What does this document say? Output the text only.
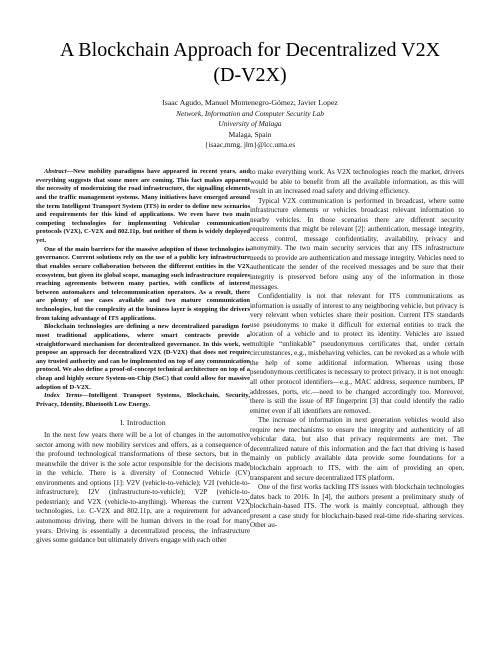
A Blockchain Approach for Decentralized V2X
(D-V2X)
Isaac Agudo, Manuel Montenegro-Gómez, Javier Lopez
Network, Information and Computer Security Lab
University of Malaga
Malaga, Spain
{isaac,mmg, jlm}@lcc.uma.es

Abstract—New mobility paradigms have appeared in recent years, and everything suggests that some more are coming. This fact makes apparent the necessity of modernizing the road infrastructure, the signalling elements and the traffic management systems. Many initiatives have emerged around the term Intelligent Transport System (ITS) in order to define new scenarios and requirements for this kind of applications. We even have two main competing technologies for implementing Vehicular communication protocols (V2X), C-V2X and 802.11p, but neither of them is widely deployed yet.

One of the main barriers for the massive adoption of those technologies is governance. Current solutions rely on the use of a public key infrastructure that enables secure collaboration between the different entities in the V2X ecosystem, but given its global scope, managing such infrastructure requires reaching agreements between many parties, with conflicts of interest between automakers and telecommunication operators. As a result, there are plenty of use cases available and two mature communication technologies, but the complexity at the business layer is stopping the drivers from taking advantage of ITS applications.

Blockchain technologies are defining a new decentralized paradigm for most traditional applications, where smart contracts provide a straightforward mechanism for decentralized governance. In this work, we propose an approach for decentralized V2X (D-V2X) that does not require any trusted authority and can be implemented on top of any communication protocol. We also define a proof-of-concept technical architecture on top of a cheap and highly secure System-on-Chip (SoC) that could allow for massive adoption of D-V2X.

Index Terms—Intelligent Transport Systems, Blockchain, Security, Privacy, Identity, Bluetooth Low Energy.

I. Introduction

In the next few years there will be a lot of changes in the automotive sector among with new mobility services and offers, as a consequence of the profound technological transformations of these sectors, but in the meanwhile the driver is the sole actor responsible for the decisions made in the vehicle. There is a diversity of Connected Vehicle (CV) environments and options [1]: V2V (vehicle-to-vehicle); V2I (vehicle-to-infrastructure); I2V (infrastructure-to-vehicle); V2P (vehicle-to-pedestrian); and V2X (vehicle-to-anything). Whereas the current V2X technologies, i.e. C-V2X and 802.11p, are a requirement for advanced autonomous driving, there will be human drivers in the road for many years. Driving is essentially a decentralized process, the infrastructure gives some guidance but ultimately drivers engage with each other

to make everything work. As V2X technologies reach the market, drivers would be able to benefit from all the available information, as this will result in an increased road safety and driving efficiency.

Typical V2X communication is performed in broadcast, where some infrastructure elements or vehicles broadcast relevant information to nearby vehicles. In those scenarios there are different security requirements that might be relevant [2]: authentication, message integrity, access control, message confidentiality, availability, privacy and anonymity. The two main security services that any ITS infrastructure needs to provide are authentication and message integrity. Vehicles need to authenticate the sender of the received messages and be sure that their integrity is preserved before using any of the information in those messages.

Confidentiality is not that relevant for ITS communications as information is usually of interest to any neighboring vehicle, but privacy is very relevant when vehicles share their position. Current ITS standards use pseudonyms to make it difficult for external entities to track the location of a vehicle and to protect its identity. Vehicles are issued multiple “unlinkable” pseudonymous certificates that, under certain circumstances, e.g., misbehaving vehicles, can be revoked as a whole with the help of some additional information. Whereas using those pseudonymous certificates is necessary to protect privacy, it is not enough: all other protocol identifiers—e.g., MAC address, sequence numbers, IP addresses, ports, etc.—need to be changed accordingly too. Moreover, there is still the issue of RF fingerprint [3] that could identify the radio emitter even if all identifiers are removed.

The increase of information in next generation vehicles would also require new mechanisms to ensure the integrity and authenticity of all vehicular data, but also that privacy requirements are met. The decentralized nature of this information and the fact that driving is based mainly on publicly available data provide some foundations for a blockchain approach to ITS, with the aim of providing an open, transparent and secure decentralized ITS platform.

One of the first works tackling ITS issues with blockchain technologies dates back to 2016. In [4], the authors present a preliminary study of blockchain-based ITS. The work is mainly conceptual, although they present a case study for blockchain-based real-time ride-sharing services. Other au-
